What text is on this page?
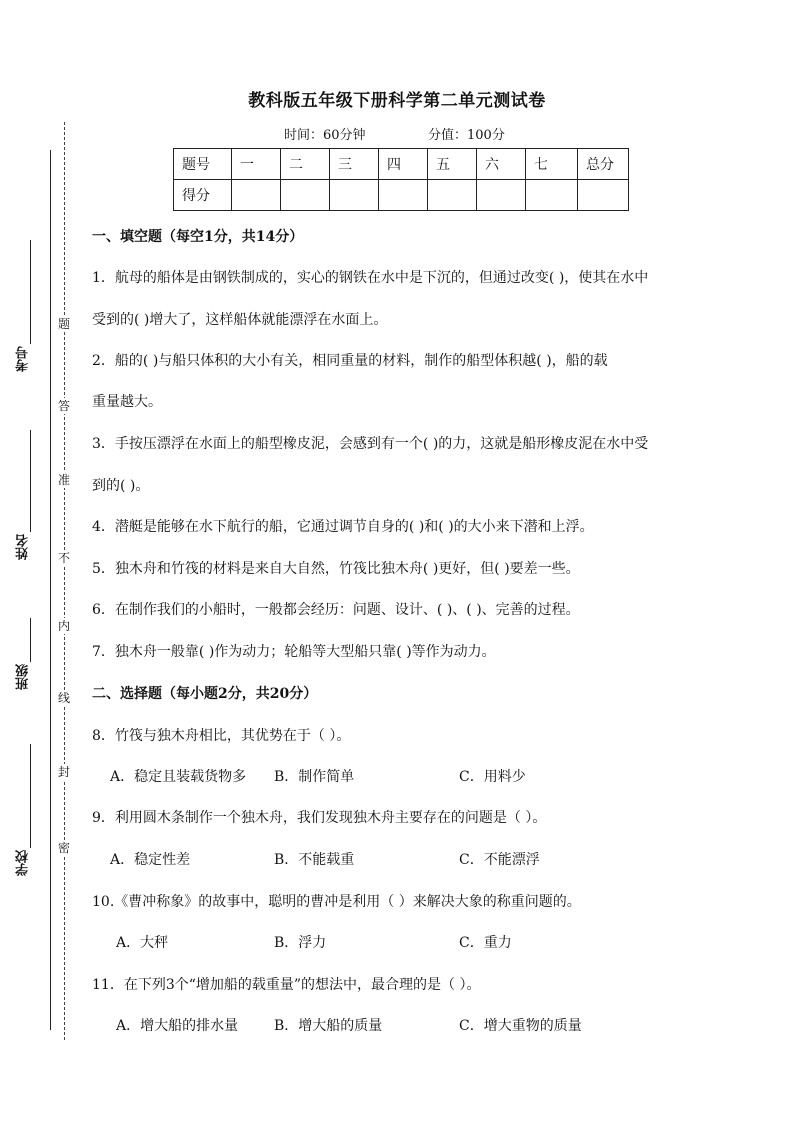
题
答
准
不
内
线
封
密
考号
姓名
班级
学校
教科版五年级下册科学第二单元测试卷
时间：60分钟	分值：100分
题号	一	二	三	四	五	六	七	总分
得分								
一、填空题（每空1分，共14分）
1．航母的船体是由钢铁制成的，实心的钢铁在水中是下沉的，但通过改变( )，使其在水中
受到的( )增大了，这样船体就能漂浮在水面上。
2．船的( )与船只体积的大小有关，相同重量的材料，制作的船型体积越( )，船的载
重量越大。
3．手按压漂浮在水面上的船型橡皮泥，会感到有一个( )的力，这就是船形橡皮泥在水中受
到的( )。
4．潜艇是能够在水下航行的船，它通过调节自身的( )和( )的大小来下潜和上浮。
5．独木舟和竹筏的材料是来自大自然，竹筏比独木舟( )更好，但( )要差一些。
6．在制作我们的小船时，一般都会经历：问题、设计、( )、( )、完善的过程。
7．独木舟一般靠( )作为动力；轮船等大型船只靠( )等作为动力。
二、选择题（每小题2分，共20分）
8．竹筏与独木舟相比，其优势在于（ ）。
A．稳定且装载货物多 B．制作简单	C．用料少
9．利用圆木条制作一个独木舟，我们发现独木舟主要存在的问题是（ ）。
A．稳定性差	B．不能载重	C．不能漂浮
10.《曹冲称象》的故事中，聪明的曹冲是利用（ ）来解决大象的称重问题的。
A．大秤	B．浮力	C．重力
11．在下列3个“增加船的载重量”的想法中，最合理的是（ ）。
A．增大船的排水量	B．增大船的质量	C．增大重物的质量
